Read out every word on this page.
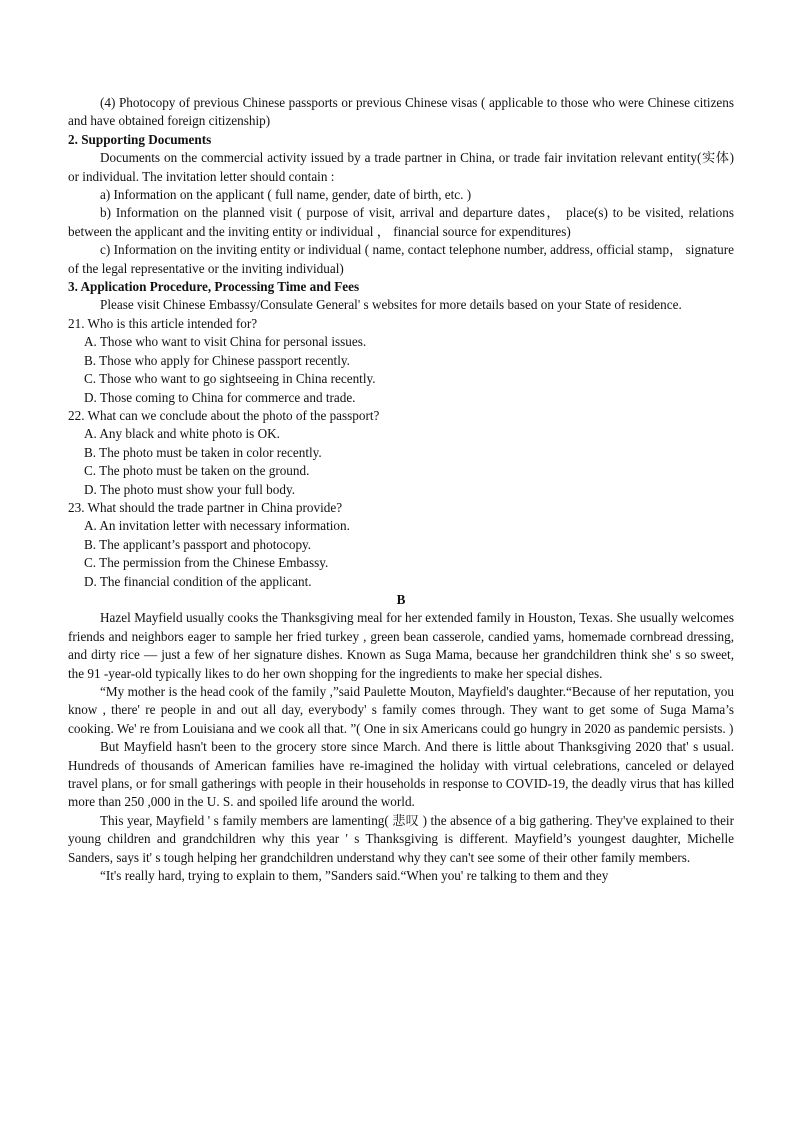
(4) Photocopy of previous Chinese passports or previous Chinese visas ( applicable to those who were Chinese citizens and have obtained foreign citizenship)

2. Supporting Documents

Documents on the commercial activity issued by a trade partner in China, or trade fair invitation relevant entity(实体) or individual. The invitation letter should contain :

a) Information on the applicant ( full name, gender, date of birth, etc. )

b) Information on the planned visit ( purpose of visit, arrival and departure dates， place(s) to be visited, relations between the applicant and the inviting entity or individual ， financial source for expenditures)

c) Information on the inviting entity or individual ( name, contact telephone number, address, official stamp， signature of the legal representative or the inviting individual)

3. Application Procedure, Processing Time and Fees

Please visit Chinese Embassy/Consulate General' s websites for more details based on your State of residence.

21. Who is this article intended for?

A. Those who want to visit China for personal issues.

B. Those who apply for Chinese passport recently.

C. Those who want to go sightseeing in China recently.

D. Those coming to China for commerce and trade.

22. What can we conclude about the photo of the passport?

A. Any black and white photo is OK.

B. The photo must be taken in color recently.

C. The photo must be taken on the ground.

D. The photo must show your full body.

23. What should the trade partner in China provide?

A. An invitation letter with necessary information.

B. The applicant’s passport and photocopy.

C. The permission from the Chinese Embassy.

D. The financial condition of the applicant.

B

Hazel Mayfield usually cooks the Thanksgiving meal for her extended family in Houston, Texas. She usually welcomes friends and neighbors eager to sample her fried turkey , green bean casserole, candied yams, homemade cornbread dressing, and dirty rice — just a few of her signature dishes. Known as Suga Mama, because her grandchildren think she' s so sweet, the 91 -year-old typically likes to do her own shopping for the ingredients to make her special dishes.

“My mother is the head cook of the family ,”said Paulette Mouton, Mayfield's daughter.“Because of her reputation, you know , there' re people in and out all day, everybody' s family comes through. They want to get some of Suga Mama’s cooking. We' re from Louisiana and we cook all that. ”( One in six Americans could go hungry in 2020 as pandemic persists. )

But Mayfield hasn't been to the grocery store since March. And there is little about Thanksgiving 2020 that' s usual. Hundreds of thousands of American families have re-imagined the holiday with virtual celebrations, canceled or delayed travel plans, or for small gatherings with people in their households in response to COVID-19, the deadly virus that has killed more than 250 ,000 in the U. S. and spoiled life around the world.

This year, Mayfield ' s family members are lamenting( 悲叹 ) the absence of a big gathering. They've explained to their young children and grandchildren why this year ' s Thanksgiving is different. Mayfield’s youngest daughter, Michelle Sanders, says it' s tough helping her grandchildren understand why they can't see some of their other family members.

“It's really hard, trying to explain to them, ”Sanders said.“When you' re talking to them and they
